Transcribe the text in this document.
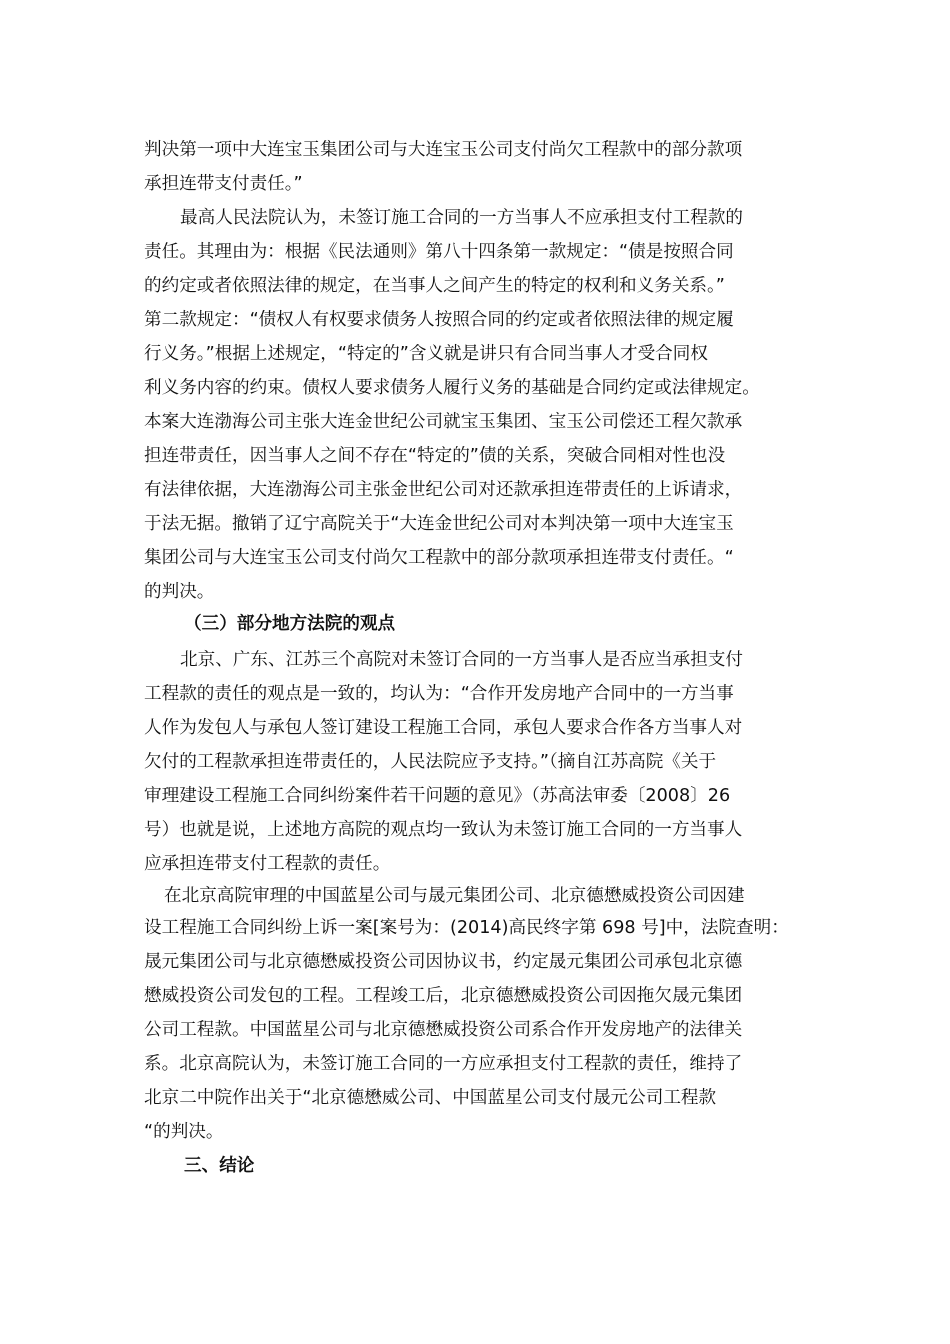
判决第一项中大连宝玉集团公司与大连宝玉公司支付尚欠工程款中的部分款项
承担连带支付责任。”
最高人民法院认为，未签订施工合同的一方当事人不应承担支付工程款的
责任。其理由为：根据《民法通则》第八十四条第一款规定：“债是按照合同
的约定或者依照法律的规定，在当事人之间产生的特定的权利和义务关系。”
第二款规定：“债权人有权要求债务人按照合同的约定或者依照法律的规定履
行义务。”根据上述规定，“特定的”含义就是讲只有合同当事人才受合同权
利义务内容的约束。债权人要求债务人履行义务的基础是合同约定或法律规定。
本案大连渤海公司主张大连金世纪公司就宝玉集团、宝玉公司偿还工程欠款承
担连带责任，因当事人之间不存在“特定的”债的关系，突破合同相对性也没
有法律依据，大连渤海公司主张金世纪公司对还款承担连带责任的上诉请求，
于法无据。撤销了辽宁高院关于“大连金世纪公司对本判决第一项中大连宝玉
集团公司与大连宝玉公司支付尚欠工程款中的部分款项承担连带支付责任。“
的判决。
（三）部分地方法院的观点
北京、广东、江苏三个高院对未签订合同的一方当事人是否应当承担支付
工程款的责任的观点是一致的，均认为：“合作开发房地产合同中的一方当事
人作为发包人与承包人签订建设工程施工合同，承包人要求合作各方当事人对
欠付的工程款承担连带责任的，人民法院应予支持。”（摘自江苏高院《关于
审理建设工程施工合同纠纷案件若干问题的意见》（苏高法审委〔2008〕26
号）也就是说，上述地方高院的观点均一致认为未签订施工合同的一方当事人
应承担连带支付工程款的责任。
在北京高院审理的中国蓝星公司与晟元集团公司、北京德懋威投资公司因建
设工程施工合同纠纷上诉一案[案号为：(2014)高民终字第 698 号]中，法院查明：
晟元集团公司与北京德懋威投资公司因协议书，约定晟元集团公司承包北京德
懋威投资公司发包的工程。工程竣工后，北京德懋威投资公司因拖欠晟元集团
公司工程款。中国蓝星公司与北京德懋威投资公司系合作开发房地产的法律关
系。北京高院认为，未签订施工合同的一方应承担支付工程款的责任，维持了
北京二中院作出关于“北京德懋威公司、中国蓝星公司支付晟元公司工程款
“的判决。
三、结论
